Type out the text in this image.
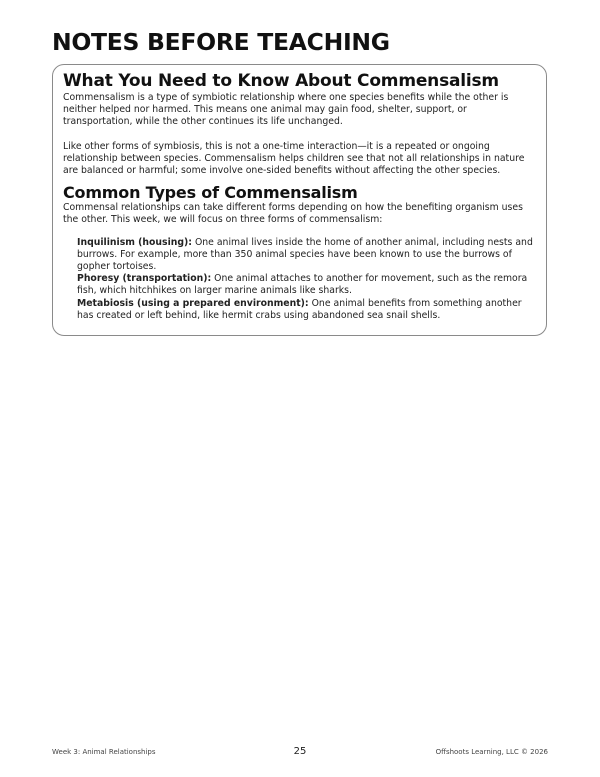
NOTES BEFORE TEACHING
What You Need to Know About Commensalism

Commensalism is a type of symbiotic relationship where one species benefits while the other is neither helped nor harmed. This means one animal may gain food, shelter, support, or transportation, while the other continues its life unchanged.

Like other forms of symbiosis, this is not a one-time interaction—it is a repeated or ongoing relationship between species. Commensalism helps children see that not all relationships in nature are balanced or harmful; some involve one-sided benefits without affecting the other species.

Common Types of Commensalism

Commensal relationships can take different forms depending on how the benefiting organism uses the other. This week, we will focus on three forms of commensalism:

Inquilinism (housing): One animal lives inside the home of another animal, including nests and burrows. For example, more than 350 animal species have been known to use the burrows of gopher tortoises.
Phoresy (transportation): One animal attaches to another for movement, such as the remora fish, which hitchhikes on larger marine animals like sharks.
Metabiosis (using a prepared environment): One animal benefits from something another has created or left behind, like hermit crabs using abandoned sea snail shells.
Week 3: Animal Relationships	25	Offshoots Learning, LLC © 2026
